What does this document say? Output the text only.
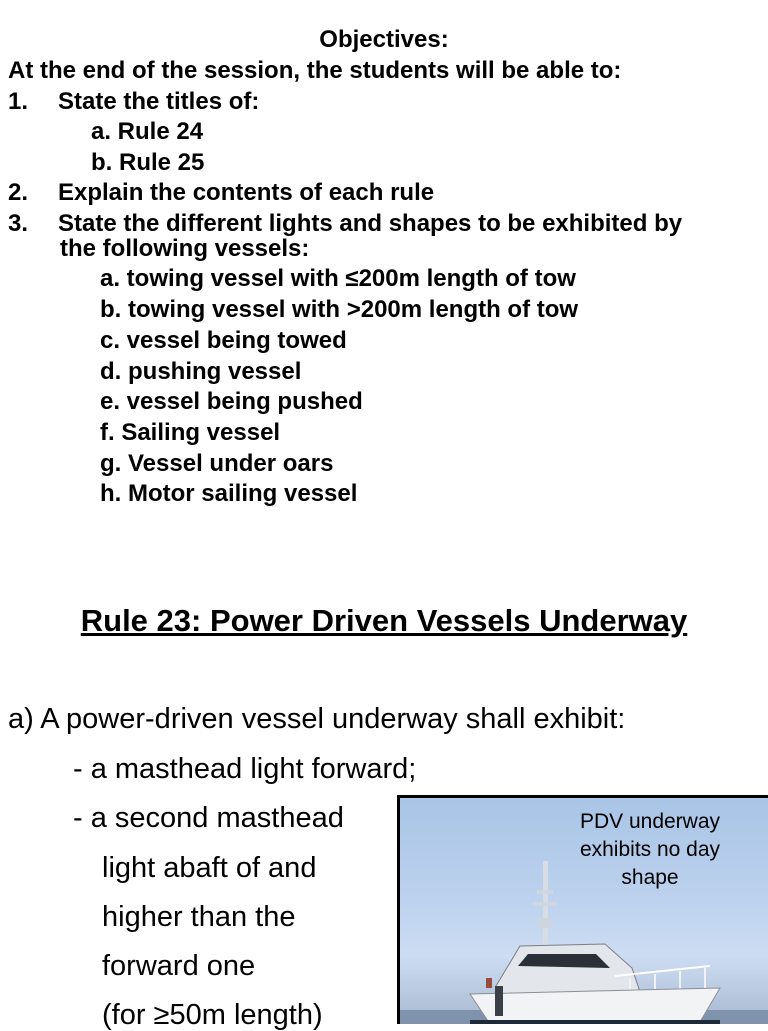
Objectives:
At the end of the session, the students will be able to:
1. State the titles of:
a. Rule 24
b. Rule 25
2. Explain the contents of each rule
3. State the different lights and shapes to be exhibited by
the following vessels:
a. towing vessel with ≤200m length of tow
b. towing vessel with >200m length of tow
c. vessel being towed
d. pushing vessel
e. vessel being pushed
f. Sailing vessel
g. Vessel under oars
h. Motor sailing vessel
Rule 23: Power Driven Vessels Underway
a) A power-driven vessel underway shall exhibit:
- a masthead light forward;
- a second masthead
light abaft of and
higher than the
forward one
(for ≥50m length)
PDV underway
exhibits no day
shape
